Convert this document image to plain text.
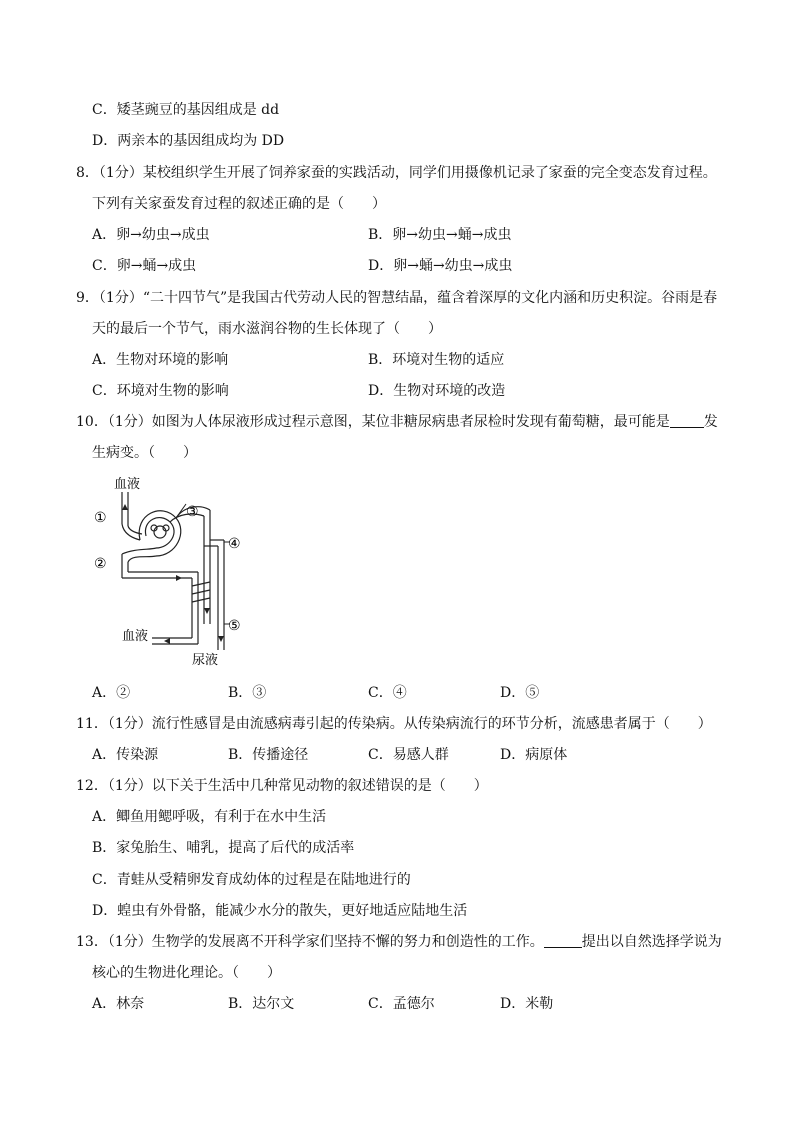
C．矮茎豌豆的基因组成是 dd
D．两亲本的基因组成均为 DD
8．（1分）某校组织学生开展了饲养家蚕的实践活动，同学们用摄像机记录了家蚕的完全变态发育过程。
下列有关家蚕发育过程的叙述正确的是（　　）
A．卵→幼虫→成虫	B．卵→幼虫→蛹→成虫
C．卵→蛹→成虫	D．卵→蛹→幼虫→成虫
9．（1分）“二十四节气”是我国古代劳动人民的智慧结晶，蕴含着深厚的文化内涵和历史积淀。谷雨是春
天的最后一个节气，雨水滋润谷物的生长体现了（　　）
A．生物对环境的影响	B．环境对生物的适应
C．环境对生物的影响	D．生物对环境的改造
10．（1分）如图为人体尿液形成过程示意图，某位非糖尿病患者尿检时发现有葡萄糖，最可能是 发
生病变。（　　）
血液
①
②
③
④
⑤
血液
尿液
A．②	B．③	C．④	D．⑤
11．（1分）流行性感冒是由流感病毒引起的传染病。从传染病流行的环节分析，流感患者属于（　　）
A．传染源	B．传播途径	C．易感人群	D．病原体
12．（1分）以下关于生活中几种常见动物的叙述错误的是（　　）
A．鲫鱼用鳃呼吸，有利于在水中生活
B．家兔胎生、哺乳，提高了后代的成活率
C．青蛙从受精卵发育成幼体的过程是在陆地进行的
D．蝗虫有外骨骼，能减少水分的散失，更好地适应陆地生活
13．（1分）生物学的发展离不开科学家们坚持不懈的努力和创造性的工作。	提出以自然选择学说为
核心的生物进化理论。（　　）
A．林奈	B．达尔文	C．孟德尔	D．米勒
